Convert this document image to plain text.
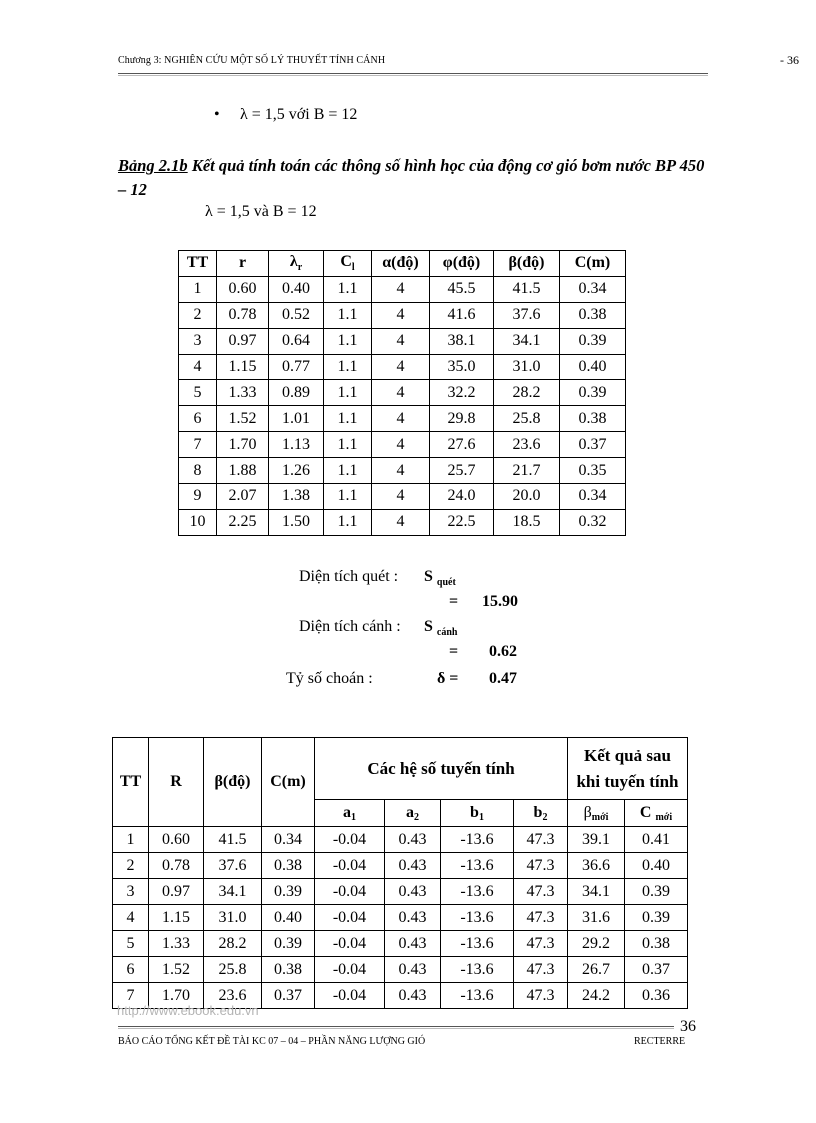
Chương 3: NGHIÊN CỨU MỘT SỐ LÝ THUYẾT TÍNH CÁNH	- 36
• λ = 1,5 với B = 12
Bảng 2.1b Kết quả tính toán các thông số hình học của động cơ gió bơm nước BP 450 – 12
λ = 1,5 và B = 12
TT	r	$\lambda_r$	$C_l$	α(độ)	φ(độ)	β(độ)	C(m)
1	0.60	0.40	1.1	4	45.5	41.5	0.34
2	0.78	0.52	1.1	4	41.6	37.6	0.38
3	0.97	0.64	1.1	4	38.1	34.1	0.39
4	1.15	0.77	1.1	4	35.0	31.0	0.40
5	1.33	0.89	1.1	4	32.2	28.2	0.39
6	1.52	1.01	1.1	4	29.8	25.8	0.38
7	1.70	1.13	1.1	4	27.6	23.6	0.37
8	1.88	1.26	1.1	4	25.7	21.7	0.35
9	2.07	1.38	1.1	4	24.0	20.0	0.34
10	2.25	1.50	1.1	4	22.5	18.5	0.32
Diện tích quét : S $_{quét}$
= 15.90
Diện tích cánh : S $_{cánh}$
= 0.62
Tỷ số choán :	δ = 0.47
TT	R	β(độ)	C(m)	Các hệ số tuyến tính				Kết quả sau khi tuyến tính	
				a1	a2	b1	b2	βmới	C mới
1	0.60	41.5	0.34	-0.04	0.43	-13.6	47.3	39.1	0.41
2	0.78	37.6	0.38	-0.04	0.43	-13.6	47.3	36.6	0.40
3	0.97	34.1	0.39	-0.04	0.43	-13.6	47.3	34.1	0.39
4	1.15	31.0	0.40	-0.04	0.43	-13.6	47.3	31.6	0.39
5	1.33	28.2	0.39	-0.04	0.43	-13.6	47.3	29.2	0.38
6	1.52	25.8	0.38	-0.04	0.43	-13.6	47.3	26.7	0.37
7	1.70	23.6	0.37	-0.04	0.43	-13.6	47.3	24.2	0.36
http://www.ebook.edu.vn
36
BÁO CÁO TỔNG KẾT ĐỀ TÀI KC 07 – 04 – PHẦN NĂNG LƯỢNG GIÓ	RECTERRE
